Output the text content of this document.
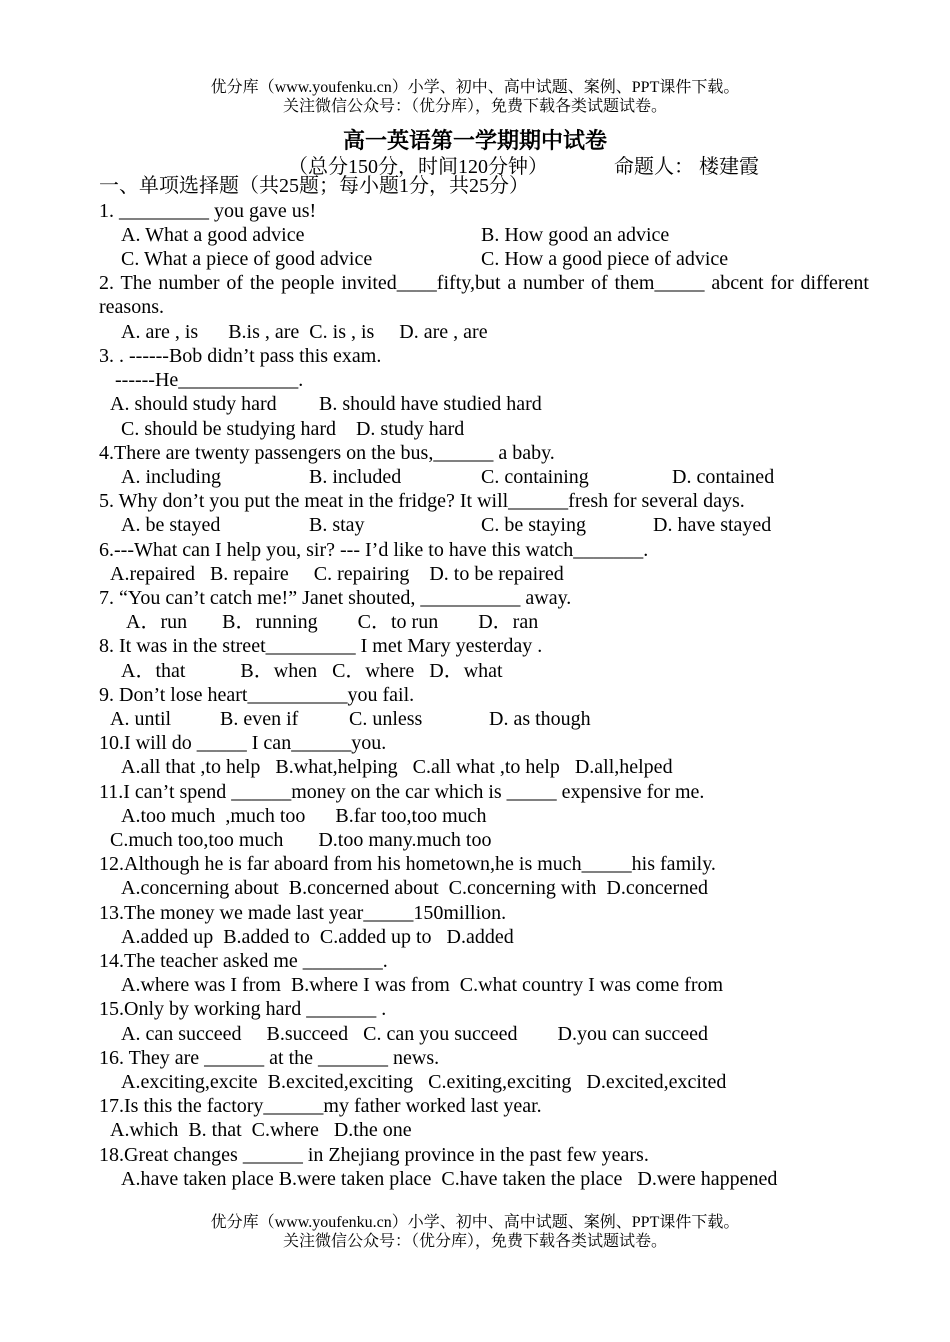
优分库（www.youfenku.cn）小学、初中、高中试题、案例、PPT课件下载。
关注微信公众号：（优分库），免费下载各类试题试卷。
高一英语第一学期期中试卷
（总分150分，时间120分钟）	命题人： 楼建霞
一、单项选择题（共25题；每小题1分，共25分）
1. _________ you gave us!
A. What a good advice	B. How good an advice
C. What a piece of good advice	C. How a good piece of advice
2. The number of the people invited____fifty,but a number of them_____ abcent for different reasons.
A. are , is      B.is , are  C. is , is     D. are , are
3. . ------Bob didn’t pass this exam.
------He____________.
A. should study hard B. should have studied hard
C. should be studying hard    D. study hard
4.There are twenty passengers on the bus,______ a baby.
A. including	B. included	C. containing	D. contained
5. Why don’t you put the meat in the fridge? It will______fresh for several days.
A. be stayed	B. stay	C. be staying	D. have stayed
6.---What can I help you, sir? --- I’d like to have this watch_______.
A.repaired   B. repaire     C. repairing    D. to be repaired
7. “You can’t catch me!” Janet shouted, __________ away.
A．run       B．running        C．to run        D．ran
8. It was in the street_________ I met Mary yesterday .
A．that           B．when   C．where   D．what
9. Don’t lose heart__________you fail.
A. until B. even if	C. unless	D. as though
10.I will do _____ I can______you.
A.all that ,to help   B.what,helping   C.all what ,to help   D.all,helped
11.I can’t spend ______money on the car which is _____ expensive for me.
A.too much  ,much too      B.far too,too much
C.much too,too much       D.too many.much too
12.Although he is far aboard from his hometown,he is much_____his family.
A.concerning about  B.concerned about  C.concerning with  D.concerned
13.The money we made last year_____150million.
A.added up  B.added to  C.added up to   D.added
14.The teacher asked me ________.
A.where was I from  B.where I was from  C.what country I was come from
15.Only by working hard _______ .
A. can succeed     B.succeed   C. can you succeed        D.you can succeed
16. They are ______ at the _______ news.
A.exciting,excite  B.excited,exciting   C.exiting,exciting   D.excited,excited
17.Is this the factory______my father worked last year.
A.which  B. that  C.where   D.the one
18.Great changes ______ in Zhejiang province in the past few years.
A.have taken place B.were taken place  C.have taken the place   D.were happened
优分库（www.youfenku.cn）小学、初中、高中试题、案例、PPT课件下载。
关注微信公众号：（优分库），免费下载各类试题试卷。
